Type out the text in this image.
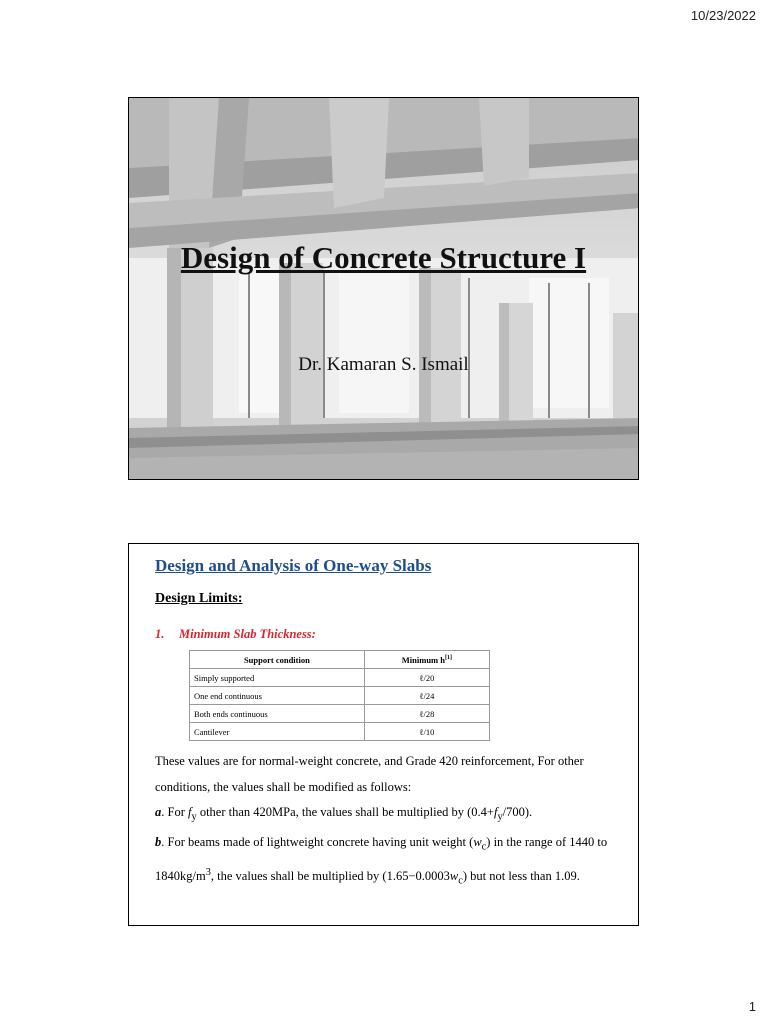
10/23/2022
Design of Concrete Structure I
Dr. Kamaran S. Ismail
Design and Analysis of One-way Slabs
Design Limits:
1. Minimum Slab Thickness:
Support condition	Minimum h[1]
Simply supported	ℓ/20
One end continuous	ℓ/24
Both ends continuous	ℓ/28
Cantilever	ℓ/10

These values are for normal-weight concrete, and Grade 420 reinforcement, For other conditions, the values shall be modified as follows:

a. For $f_y$ other than 420MPa, the values shall be multiplied by $(0.4+f_y/700)$.

b. For beams made of lightweight concrete having unit weight $(w_c)$ in the range of 1440 to $1840kg/m^3$, the values shall be multiplied by $(1.65-0.0003w_c)$ but not less than 1.09.

1
